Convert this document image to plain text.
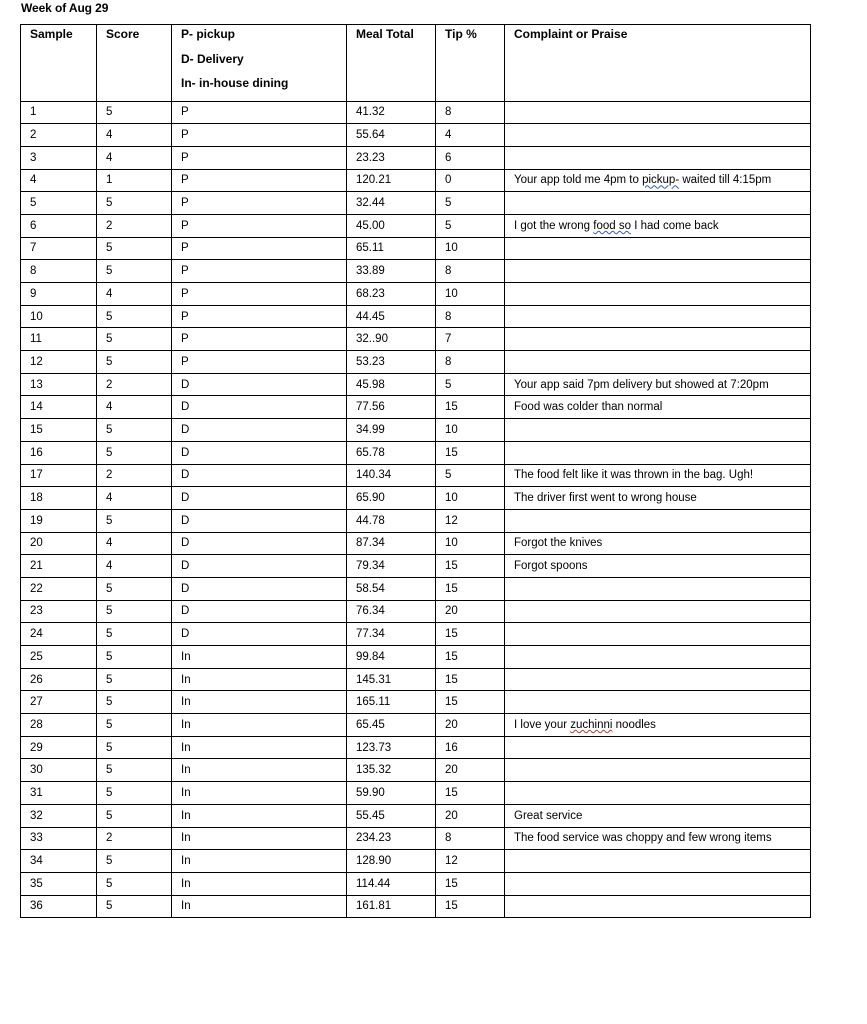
Week of Aug 29
Sample	Score	P- pickup
D- Delivery
In- in-house dining	Meal Total	Tip %	Complaint or Praise
1	5	P	41.32	8	
2	4	P	55.64	4	
3	4	P	23.23	6	
4	1	P	120.21	0	Your app told me 4pm to pickup- waited till 4:15pm
5	5	P	32.44	5	
6	2	P	45.00	5	I got the wrong food so I had come back
7	5	P	65.11	10	
8	5	P	33.89	8	
9	4	P	68.23	10	
10	5	P	44.45	8	
11	5	P	32..90	7	
12	5	P	53.23	8	
13	2	D	45.98	5	Your app said 7pm delivery but showed at 7:20pm
14	4	D	77.56	15	Food was colder than normal
15	5	D	34.99	10	
16	5	D	65.78	15	
17	2	D	140.34	5	The food felt like it was thrown in the bag. Ugh!
18	4	D	65.90	10	The driver first went to wrong house
19	5	D	44.78	12	
20	4	D	87.34	10	Forgot the knives
21	4	D	79.34	15	Forgot spoons
22	5	D	58.54	15	
23	5	D	76.34	20	
24	5	D	77.34	15	
25	5	In	99.84	15	
26	5	In	145.31	15	
27	5	In	165.11	15	
28	5	In	65.45	20	I love your zuchinni noodles
29	5	In	123.73	16	
30	5	In	135.32	20	
31	5	In	59.90	15	
32	5	In	55.45	20	Great service
33	2	In	234.23	8	The food service was choppy and few wrong items
34	5	In	128.90	12	
35	5	In	114.44	15	
36	5	In	161.81	15	
